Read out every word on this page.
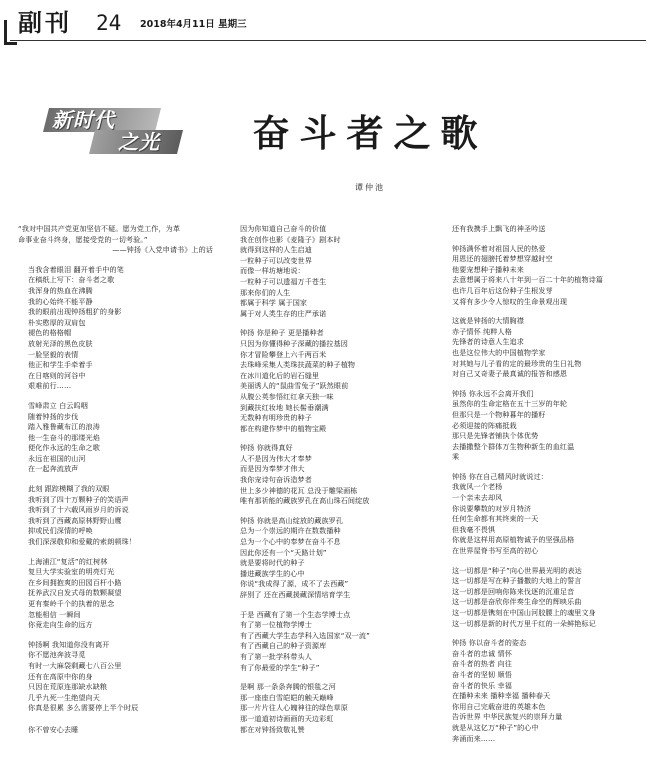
副刊 24 2018年4月11日 星期三
新时代
之光	奋斗者之歌
谭仲池
“我对中国共产党更加坚信不疑。愿为党工作，为革
命事业奋斗终身，愿接受党的一切考验。”
——钟扬《入党申请书》上的话
当我含着眼泪 翻开着手中的笔
在稿纸上写下：奋斗者之歌
我浑身的热血在沸腾
我的心始终不能平静
我的眼前出现钟扬粗犷的身影
朴实憨厚的双肩包
褪色的格格帽
放射光泽的黑色皮肤
一脸坚毅的表情
他正和学生手牵着手
在日喀则的河谷中
艰难前行……
雪峰肃立 白云呜咽
随着钟扬的步伐
踏入雅鲁藏布江的浪涛
他一生奋斗的那缕光焰
便化作永远的生命之歌
永远在祖国的山河
在一起奔流放声
此刻 跟踪模糊了我的双眼
我听到了四十万颗种子的笑语声
我听到了十六载风雨岁月的诉说
我听到了西藏高原林野野山鹰
抑或民们深情的呼唤
我们深深敬仰和爱戴的索朗顿珠！
上海浦江“复活”的红树林
复旦大学实验室的明亮灯光
在乡间拥抱爽的田园百杆小路
抚养武汉自发式母的数颗凝望
更有秦岭千个的执着的思念
忽能相信 一瞬间
你竟走向生命的远方
钟扬啊 我知道你没有离开
你不愿池奔波寻觅
有时一大麻袋剩藏七八百公里
还有在高原中你的身
只因在荒原连那缺水缺粮
几乎九死一生绝望向天
你真是很累 多么需要停上半个时辰
你不曾安心去睡
因为你知道自己奋斗的价值
我在创作也影《麦隆子》剧本时
就得到这样的人生启迪
一粒种子可以改变世界
而像一样坊塘地说：
一粒种子可以遗福万千苍生
那来你们的人生
都属于科学 属于国家
属于对人类生存的庄严承诺
钟扬 你是种子 更是播种者
只因为你懂得种子深藏的播拉基因
你才冒险攀登上六千两百米
去珠峰采集人类珠扶蔬菜的种子植物
在冰川道化后的岩石缝里
美丽诱人的“鼠曲雪兔子”跃然眼前
从腹公英参悟红红拿天独一味
到藏扶红妆地 她长髻垂潮满
无数种有明珍贵的种子
都在构建作梦中的植物宝殿
钟扬 你就得真好
人不是因为伟大才奉梦
而是因为奉梦才伟大
我你宠诗句奋诉造梦者
世上多少神德的花瓦 总没于雕梁画栋
唯有那祈能的藏族罗孔在高山珠石间绽放
钟扬 你就是高山绽放的藏族罗孔
总为一个崇远的期许在数数播种
总为一个心中的奉梦在奋斗不息
因此你还有一个“天路计划”
就是要将时代的种子
播进藏族学生的心中
你说“我成得了源，成不了去西藏”
辞别了 还在西藏援藏深情培育学生
于是 西藏有了第一个生态学博士点
有了第一位植物学博士
有了西藏大学生态学科入选国家“双一流”
有了西藏自己的种子资源库
有了第一批学科带头人
有了你最爱的学生“种子”
是啊 那一条条奔腾的银毯之河
那一座座白雪皑皑的触天巅峰
那一片片往人心魄神往的绿色草原
那一道道初诗画画的天边彩虹
都在对钟扬致敬礼赞
还有我携手上飘飞的神圣吟送
钟扬满怀着对祖国人民的热爱
用恩还的翅膀托着梦想穿越时空
他要宠想种子播种未来
去意想属于将来八十年到一百二十年的植物诗篇
也许几百年后这份种子生根发芽
又将有多少令人惊叹的生命景观出现
这就是钟扬的大情胸襟
赤子情怀 纯粹人格
先锋者的诗意人生追求
也是这位伟大的中国植物学家
对其她与儿子看的定的最珍贵的生日礼物
对自己又奇妻子最真诚的报答和感恩
钟扬 你永远不会离开我们
虽然你的生命定格在五十三岁的年轮
但那只是一个物种暮年的播籽
必须迎接的阵痛抵栽
那只是先锋者铺执个体优势
去播撒整个群体万生物种新生的血红温
乘
钟扬 你在自己精风时就说过：
我就风一个老杨
一个亲未去却风
你说要攀数的对岁月特济
任何生命都有其终束的一天
但我毫不畏惧
你就是这样用高原植物诚予的坚强品格
在世界屋脊书写至高的初心
这一切都是“种子”向心世界最光明的表达
这一切都是写在种子播撒的大地上的誓言
这一切都是回响你陈来伐逐的沉重足音
这一切都是奋欣你伴奏生命空的辉映乐曲
这一切都是镌刻在中国山河胶腰上的魂里文身
这一切都是新的时代万里千红的一朵鲜艳标记
钟扬 你以奋斗者的姿态
奋斗者的忠诚 情怀
奋斗者的热者 向往
奋斗者的坚韧 顺悟
奋斗者的快乐 幸福
在播种未来 播种幸福 播种春天
你用自己完载奋进的英雄本色
告诉世界 中华民族复兴的崇拜力量
就是从这亿万“种子”的心中
奔涌而来……
